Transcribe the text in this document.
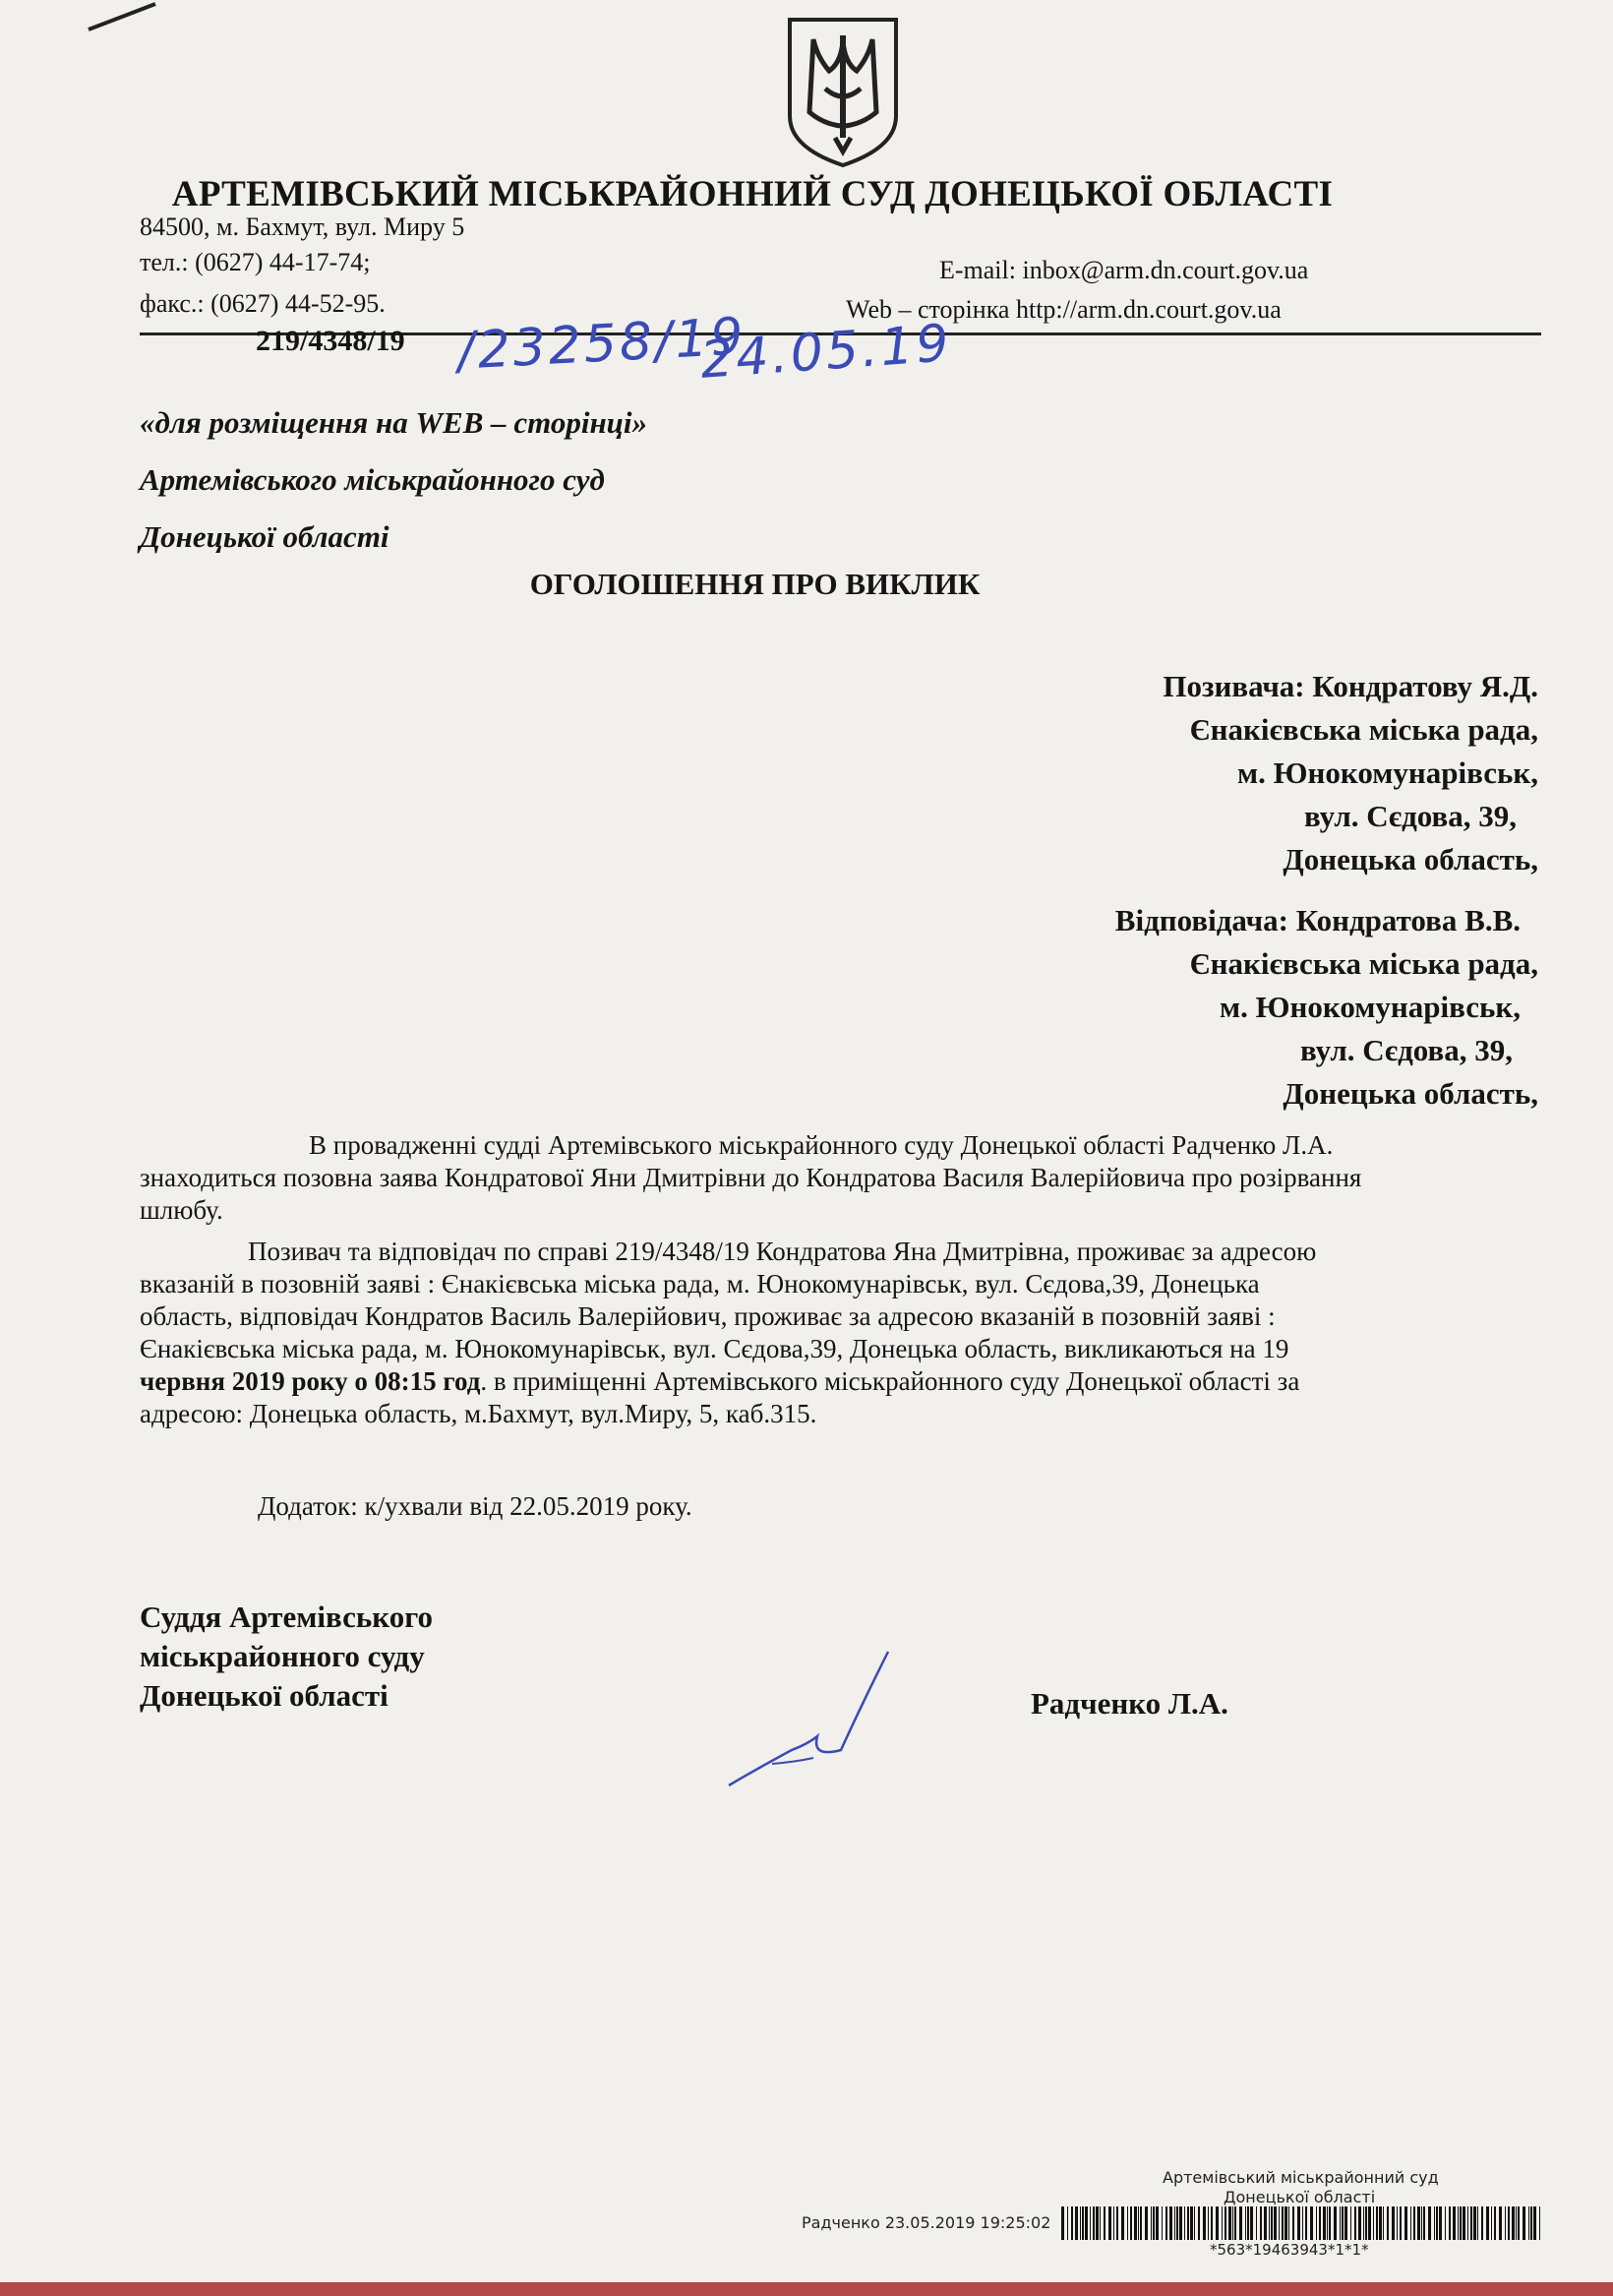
АРТЕМІВСЬКИЙ МІСЬКРАЙОННИЙ СУД ДОНЕЦЬКОЇ ОБЛАСТІ
84500, м. Бахмут, вул. Миру 5
тел.: (0627) 44-17-74;
факс.: (0627) 44-52-95.
E-mail: inbox@arm.dn.court.gov.ua
Web – сторінка http://arm.dn.court.gov.ua
219/4348/19 /23258/19
24.05.19
«для розміщення на WEB – сторінці»
Артемівського міськрайонного суд
Донецької області
ОГОЛОШЕННЯ ПРО ВИКЛИК
Позивача: Кондратову Я.Д.
Єнакієвська міська рада,
м. Юнокомунарівськ,
вул. Сєдова, 39,
Донецька область,
Відповідача: Кондратова В.В.
Єнакієвська міська рада,
м. Юнокомунарівськ,
вул. Сєдова, 39,
Донецька область,
В провадженні судді Артемівського міськрайонного суду Донецької області Радченко Л.А.
знаходиться позовна заява Кондратової Яни Дмитрівни до Кондратова Василя Валерійовича про розірвання
шлюбу.
Позивач та відповідач по справі 219/4348/19 Кондратова Яна Дмитрівна, проживає за адресою
вказаній в позовній заяві : Єнакієвська міська рада, м. Юнокомунарівськ, вул. Сєдова,39, Донецька
область, відповідач Кондратов Василь Валерійович, проживає за адресою вказаній в позовній заяві :
Єнакієвська міська рада, м. Юнокомунарівськ, вул. Сєдова,39, Донецька область, викликаються на 19
червня 2019 року о 08:15 год. в приміщенні Артемівського міськрайонного суду Донецької області за
адресою: Донецька область, м.Бахмут, вул.Миру, 5, каб.315.
Додаток: к/ухвали від 22.05.2019 року.
Суддя Артемівського
міськрайонного суду
Донецької області	Радченко Л.А.
Артемівський міськрайонний суд
Донецької області
Радченко 23.05.2019 19:25:02
*563*19463943*1*1*
